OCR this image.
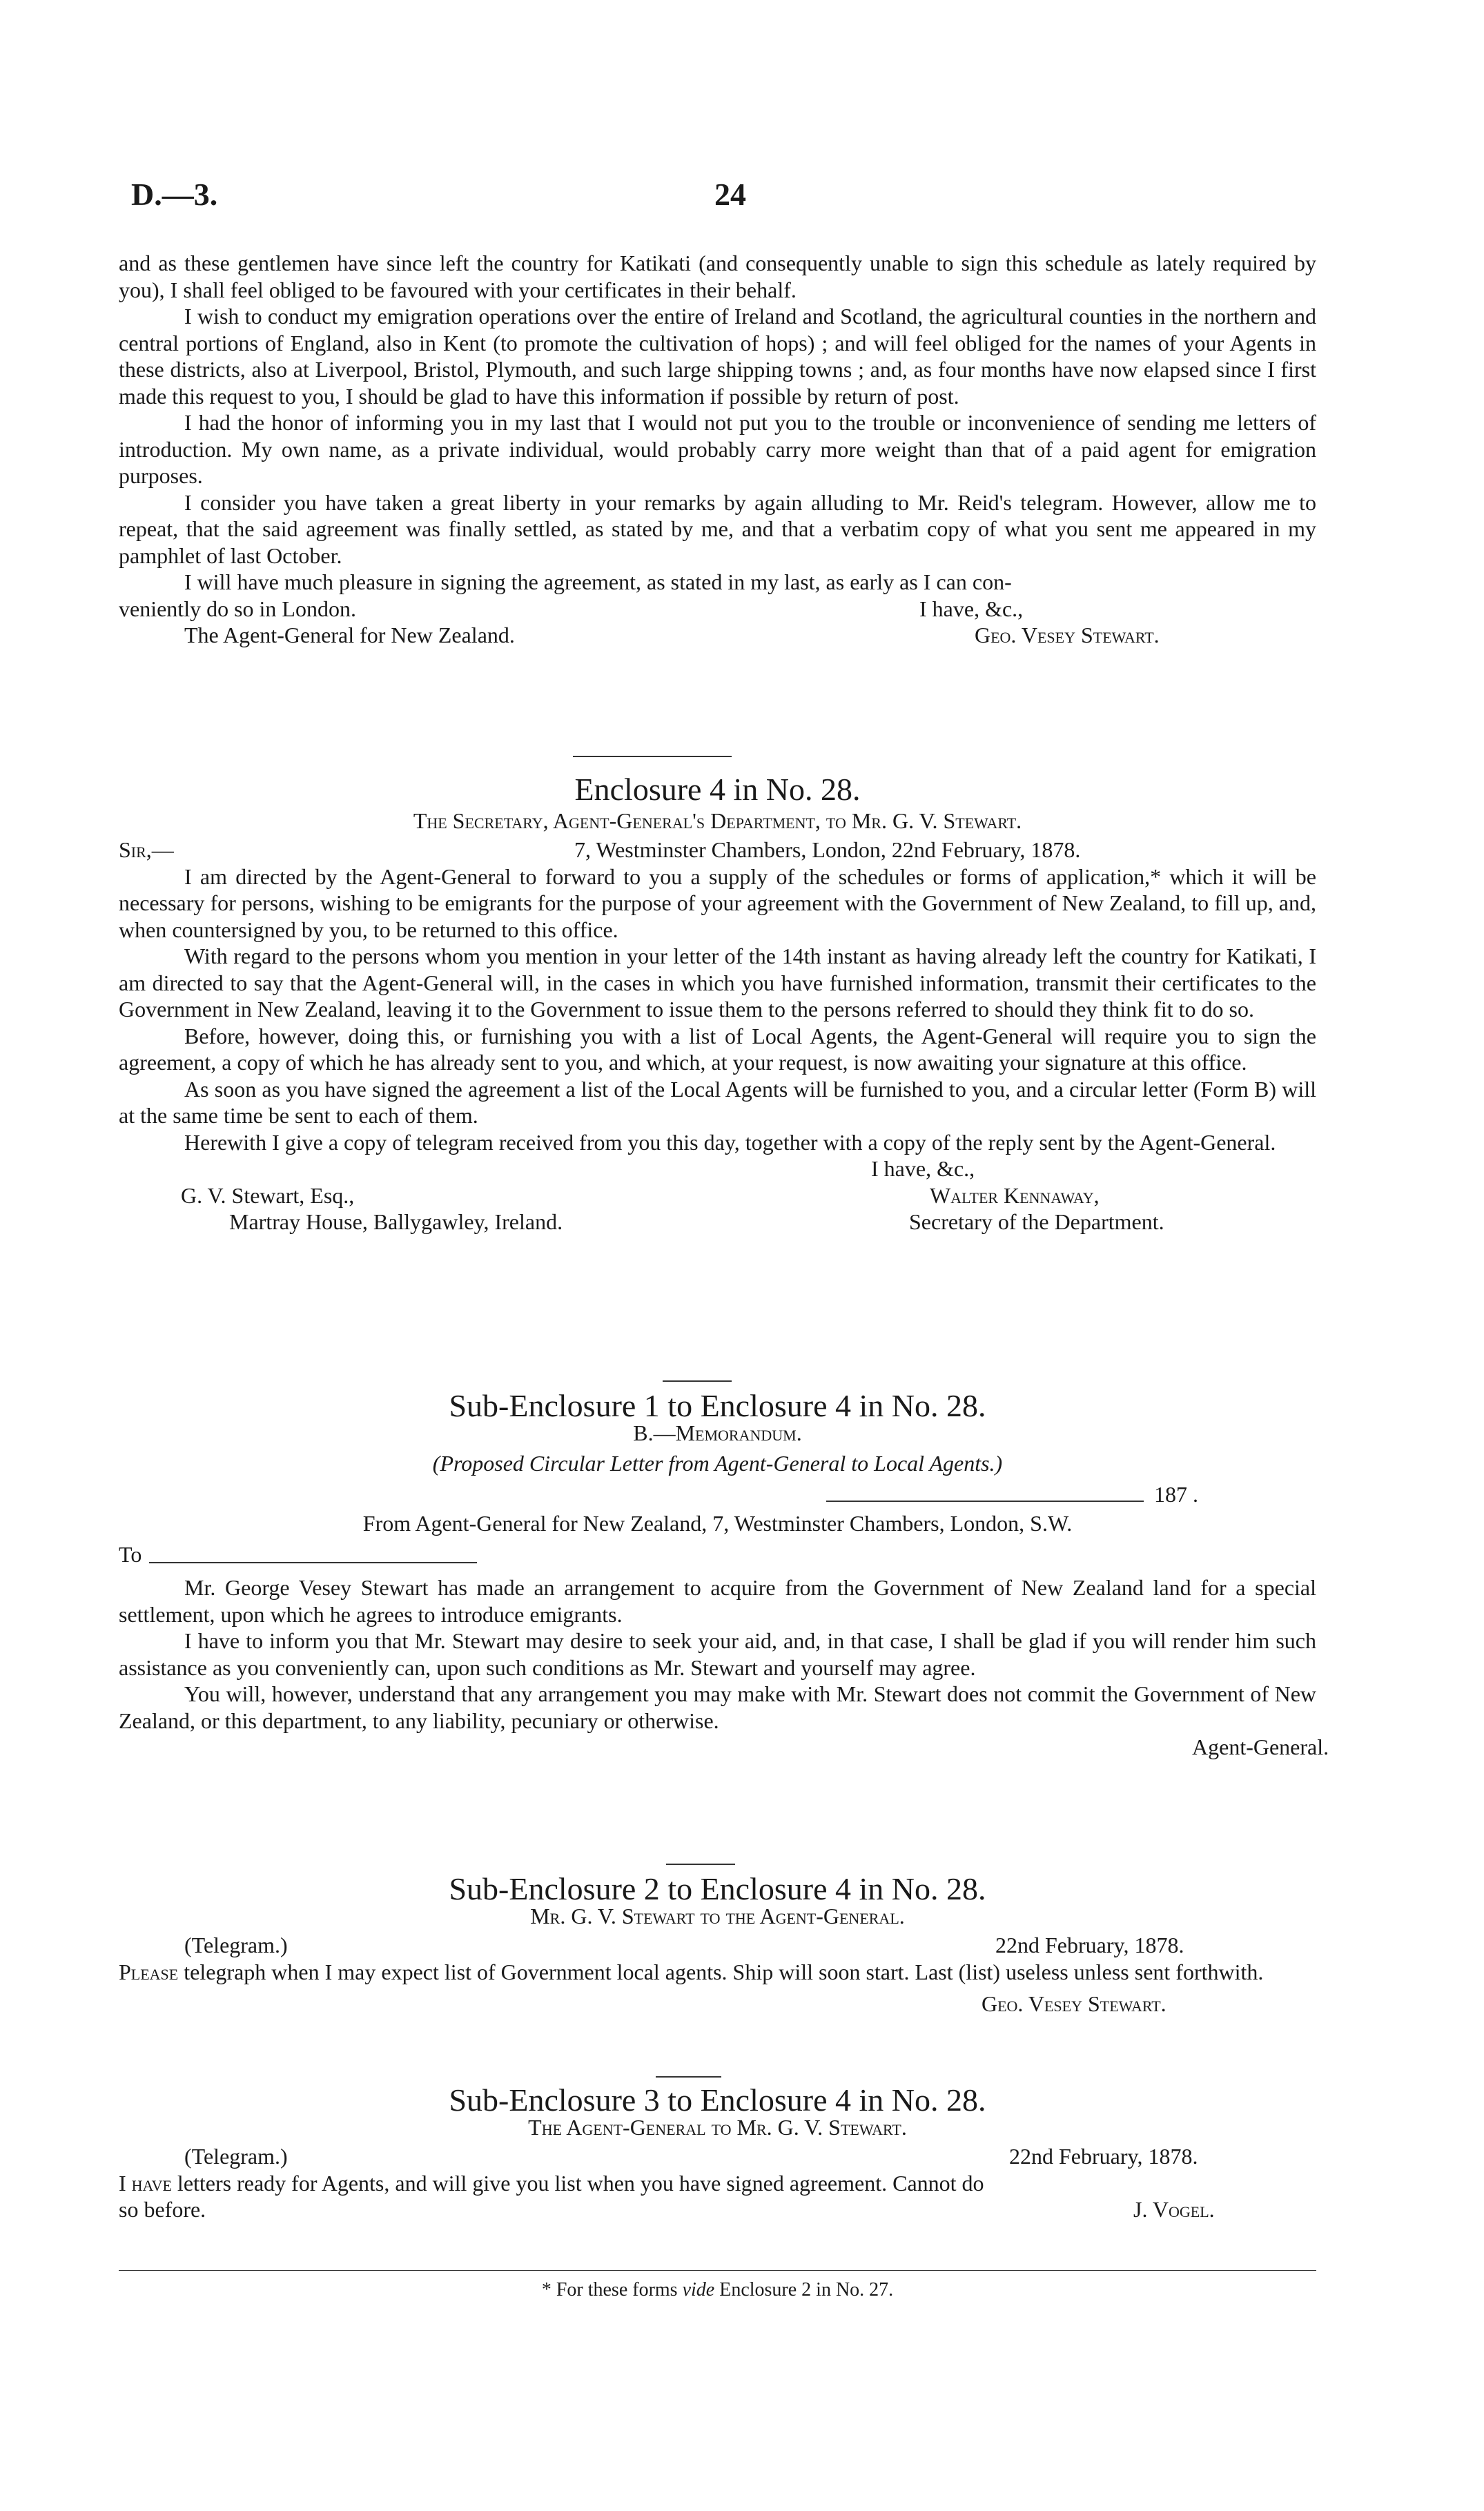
D.—3.	24

and as these gentlemen have since left the country for Katikati (and consequently unable to sign this schedule as lately required by you), I shall feel obliged to be favoured with your certificates in their behalf.

I wish to conduct my emigration operations over the entire of Ireland and Scotland, the agricultural counties in the northern and central portions of England, also in Kent (to promote the cultivation of hops) ; and will feel obliged for the names of your Agents in these districts, also at Liverpool, Bristol, Plymouth, and such large shipping towns ; and, as four months have now elapsed since I first made this request to you, I should be glad to have this information if possible by return of post.

I had the honor of informing you in my last that I would not put you to the trouble or inconvenience of sending me letters of introduction. My own name, as a private individual, would probably carry more weight than that of a paid agent for emigration purposes.

I consider you have taken a great liberty in your remarks by again alluding to Mr. Reid's telegram. However, allow me to repeat, that the said agreement was finally settled, as stated by me, and that a verbatim copy of what you sent me appeared in my pamphlet of last October.

I will have much pleasure in signing the agreement, as stated in my last, as early as I can con-

veniently do so in London.	I have, &c.,
The Agent-General for New Zealand.	Geo. Vesey Stewart.
Enclosure 4 in No. 28.
The Secretary, Agent-General's Department, to Mr. G. V. Stewart.
Sir,—	7, Westminster Chambers, London, 22nd February, 1878.

I am directed by the Agent-General to forward to you a supply of the schedules or forms of application,* which it will be necessary for persons, wishing to be emigrants for the purpose of your agreement with the Government of New Zealand, to fill up, and, when countersigned by you, to be returned to this office.

With regard to the persons whom you mention in your letter of the 14th instant as having already left the country for Katikati, I am directed to say that the Agent-General will, in the cases in which you have furnished information, transmit their certificates to the Government in New Zealand, leaving it to the Government to issue them to the persons referred to should they think fit to do so.

Before, however, doing this, or furnishing you with a list of Local Agents, the Agent-General will require you to sign the agreement, a copy of which he has already sent to you, and which, at your request, is now awaiting your signature at this office.

As soon as you have signed the agreement a list of the Local Agents will be furnished to you, and a circular letter (Form B) will at the same time be sent to each of them.

Herewith I give a copy of telegram received from you this day, together with a copy of the reply sent by the Agent-General.

I have, &c.,
G. V. Stewart, Esq.,	Walter Kennaway,
Martray House, Ballygawley, Ireland.	Secretary of the Department.
Sub-Enclosure 1 to Enclosure 4 in No. 28.
B.—Memorandum.
(Proposed Circular Letter from Agent-General to Local Agents.)
187 .
From Agent-General for New Zealand, 7, Westminster Chambers, London, S.W.
To

Mr. George Vesey Stewart has made an arrangement to acquire from the Government of New Zealand land for a special settlement, upon which he agrees to introduce emigrants.

I have to inform you that Mr. Stewart may desire to seek your aid, and, in that case, I shall be glad if you will render him such assistance as you conveniently can, upon such conditions as Mr. Stewart and yourself may agree.

You will, however, understand that any arrangement you may make with Mr. Stewart does not commit the Government of New Zealand, or this department, to any liability, pecuniary or otherwise.

Agent-General.
Sub-Enclosure 2 to Enclosure 4 in No. 28.
Mr. G. V. Stewart to the Agent-General.
(Telegram.)	22nd February, 1878.

Please telegraph when I may expect list of Government local agents. Ship will soon start. Last (list) useless unless sent forthwith.

Geo. Vesey Stewart.
Sub-Enclosure 3 to Enclosure 4 in No. 28.
The Agent-General to Mr. G. V. Stewart.
(Telegram.)	22nd February, 1878.

I have letters ready for Agents, and will give you list when you have signed agreement. Cannot do

so before.	J. Vogel.
* For these forms vide Enclosure 2 in No. 27.
